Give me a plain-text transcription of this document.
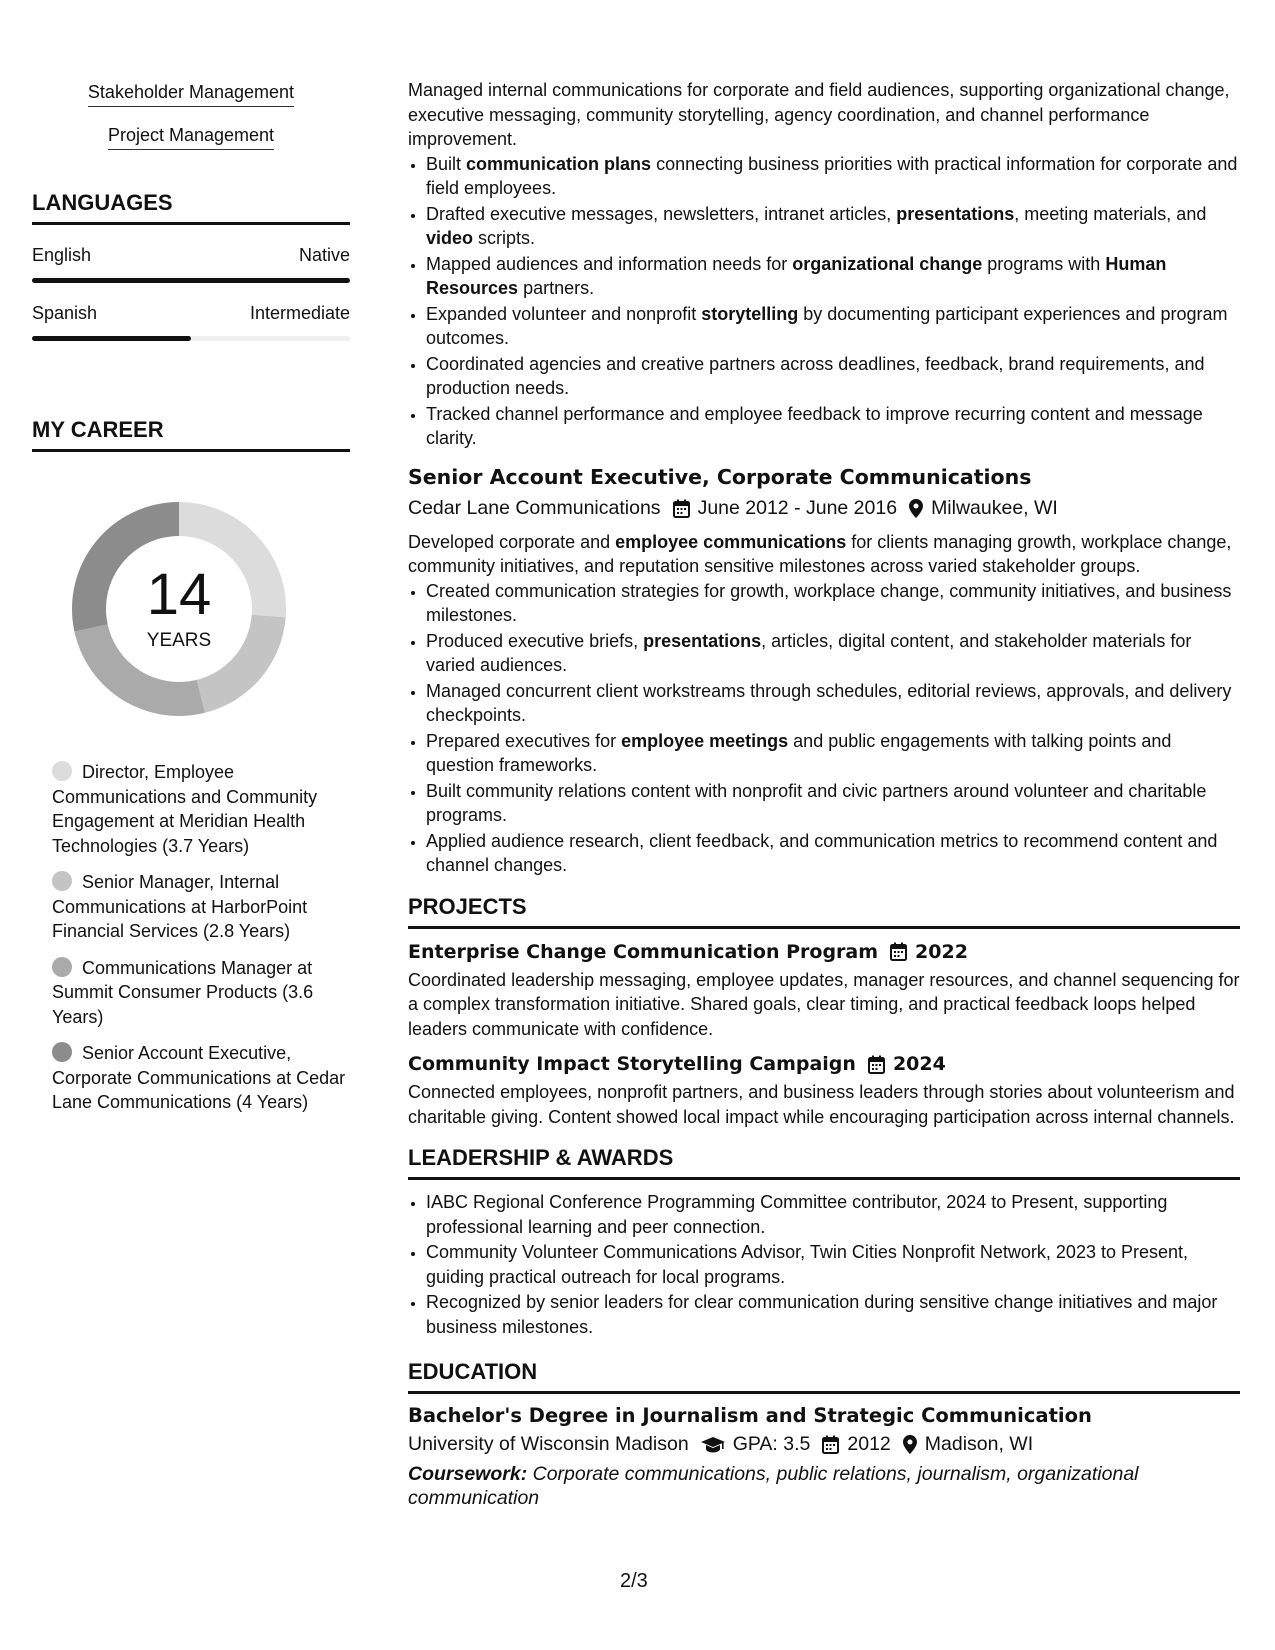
Stakeholder Management
Project Management
LANGUAGES
English	Native
Spanish	Intermediate
MY CAREER
14
YEARS
Director, Employee Communications and Community Engagement at Meridian Health Technologies (3.7 Years)
Senior Manager, Internal Communications at HarborPoint Financial Services (2.8 Years)
Communications Manager at Summit Consumer Products (3.6 Years)
Senior Account Executive, Corporate Communications at Cedar Lane Communications (4 Years)
Managed internal communications for corporate and field audiences, supporting organizational change, executive messaging, community storytelling, agency coordination, and channel performance improvement.
• Built communication plans connecting business priorities with practical information for corporate and field employees.
• Drafted executive messages, newsletters, intranet articles, presentations, meeting materials, and video scripts.
• Mapped audiences and information needs for organizational change programs with Human Resources partners.
• Expanded volunteer and nonprofit storytelling by documenting participant experiences and program outcomes.
• Coordinated agencies and creative partners across deadlines, feedback, brand requirements, and production needs.
• Tracked channel performance and employee feedback to improve recurring content and message clarity.
Senior Account Executive, Corporate Communications
Cedar Lane Communications June 2012 - June 2016 Milwaukee, WI
Developed corporate and employee communications for clients managing growth, workplace change, community initiatives, and reputation sensitive milestones across varied stakeholder groups.
• Created communication strategies for growth, workplace change, community initiatives, and business milestones.
• Produced executive briefs, presentations, articles, digital content, and stakeholder materials for varied audiences.
• Managed concurrent client workstreams through schedules, editorial reviews, approvals, and delivery checkpoints.
• Prepared executives for employee meetings and public engagements with talking points and question frameworks.
• Built community relations content with nonprofit and civic partners around volunteer and charitable programs.
• Applied audience research, client feedback, and communication metrics to recommend content and channel changes.
PROJECTS
Enterprise Change Communication Program 2022
Coordinated leadership messaging, employee updates, manager resources, and channel sequencing for a complex transformation initiative. Shared goals, clear timing, and practical feedback loops helped leaders communicate with confidence.
Community Impact Storytelling Campaign 2024
Connected employees, nonprofit partners, and business leaders through stories about volunteerism and charitable giving. Content showed local impact while encouraging participation across internal channels.
LEADERSHIP & AWARDS
• IABC Regional Conference Programming Committee contributor, 2024 to Present, supporting professional learning and peer connection.
• Community Volunteer Communications Advisor, Twin Cities Nonprofit Network, 2023 to Present, guiding practical outreach for local programs.
• Recognized by senior leaders for clear communication during sensitive change initiatives and major business milestones.
EDUCATION
Bachelor's Degree in Journalism and Strategic Communication
University of Wisconsin Madison GPA: 3.5 2012 Madison, WI
Coursework: Corporate communications, public relations, journalism, organizational communication
2/3
